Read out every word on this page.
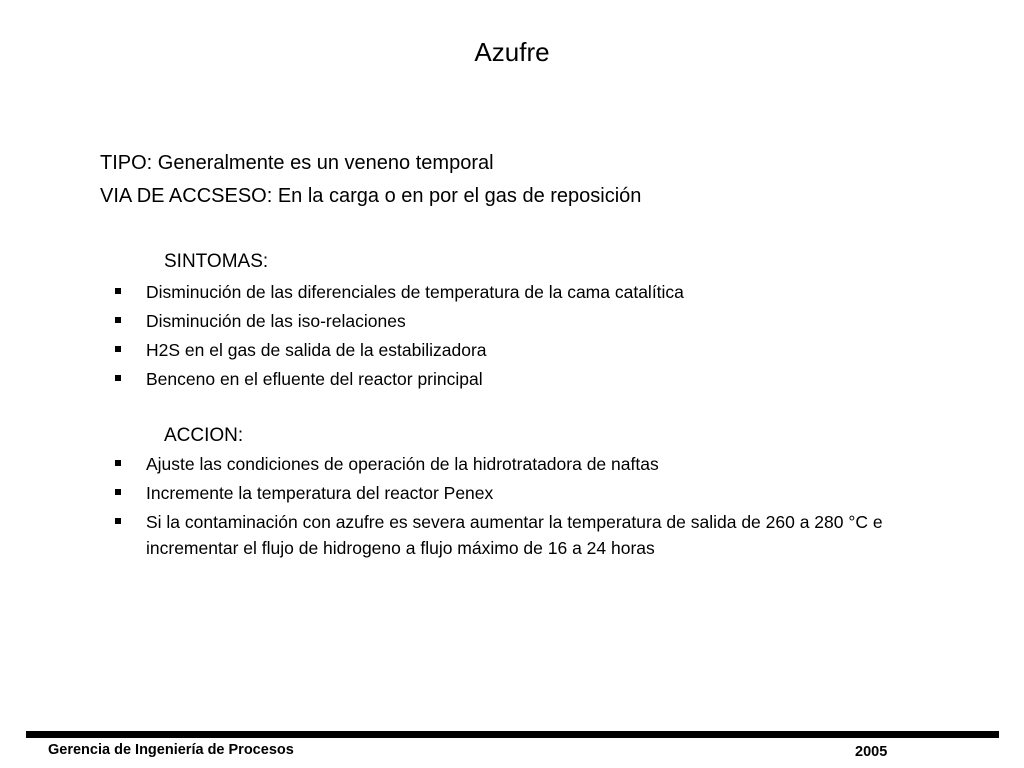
Azufre
TIPO: Generalmente es un veneno temporal
VIA DE ACCSESO: En la carga o en por el gas de reposición
SINTOMAS:
Disminución de las diferenciales de temperatura de la cama catalítica
Disminución de las iso-relaciones
H2S en el gas de salida de la estabilizadora
Benceno en el efluente del reactor principal
ACCION:
Ajuste las condiciones de operación de la hidrotratadora de naftas
Incremente la temperatura del reactor Penex
Si la contaminación con azufre es severa aumentar la temperatura de salida de 260 a 280 °C e incrementar el flujo de hidrogeno a flujo máximo de 16 a 24 horas
Gerencia de Ingeniería de Procesos	2005
